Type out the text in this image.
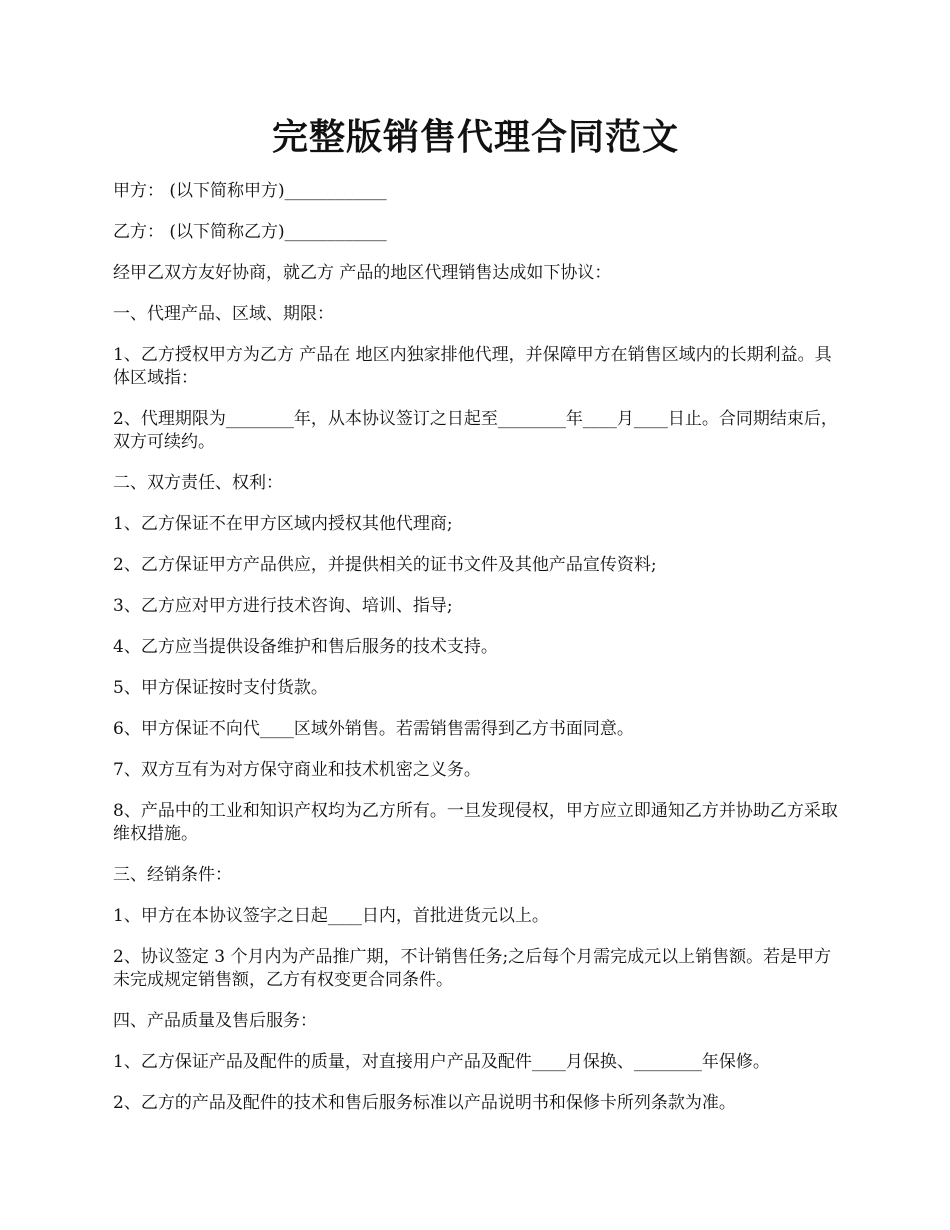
完整版销售代理合同范文

甲方： (以下简称甲方)____________

乙方： (以下简称乙方)____________

经甲乙双方友好协商，就乙方 产品的地区代理销售达成如下协议：

一、代理产品、区域、期限：

1、乙方授权甲方为乙方 产品在 地区内独家排他代理，并保障甲方在销售区域内的长期利益。具体区域指：

2、代理期限为________年，从本协议签订之日起至________年____月____日止。合同期结束后，双方可续约。

二、双方责任、权利：

1、乙方保证不在甲方区域内授权其他代理商;

2、乙方保证甲方产品供应，并提供相关的证书文件及其他产品宣传资料;

3、乙方应对甲方进行技术咨询、培训、指导;

4、乙方应当提供设备维护和售后服务的技术支持。

5、甲方保证按时支付货款。

6、甲方保证不向代____区域外销售。若需销售需得到乙方书面同意。

7、双方互有为对方保守商业和技术机密之义务。

8、产品中的工业和知识产权均为乙方所有。一旦发现侵权，甲方应立即通知乙方并协助乙方采取维权措施。

三、经销条件：

1、甲方在本协议签字之日起____日内，首批进货元以上。

2、协议签定 3 个月内为产品推广期，不计销售任务;之后每个月需完成元以上销售额。若是甲方未完成规定销售额，乙方有权变更合同条件。

四、产品质量及售后服务：

1、乙方保证产品及配件的质量，对直接用户产品及配件____月保换、________年保修。

2、乙方的产品及配件的技术和售后服务标准以产品说明书和保修卡所列条款为准。
